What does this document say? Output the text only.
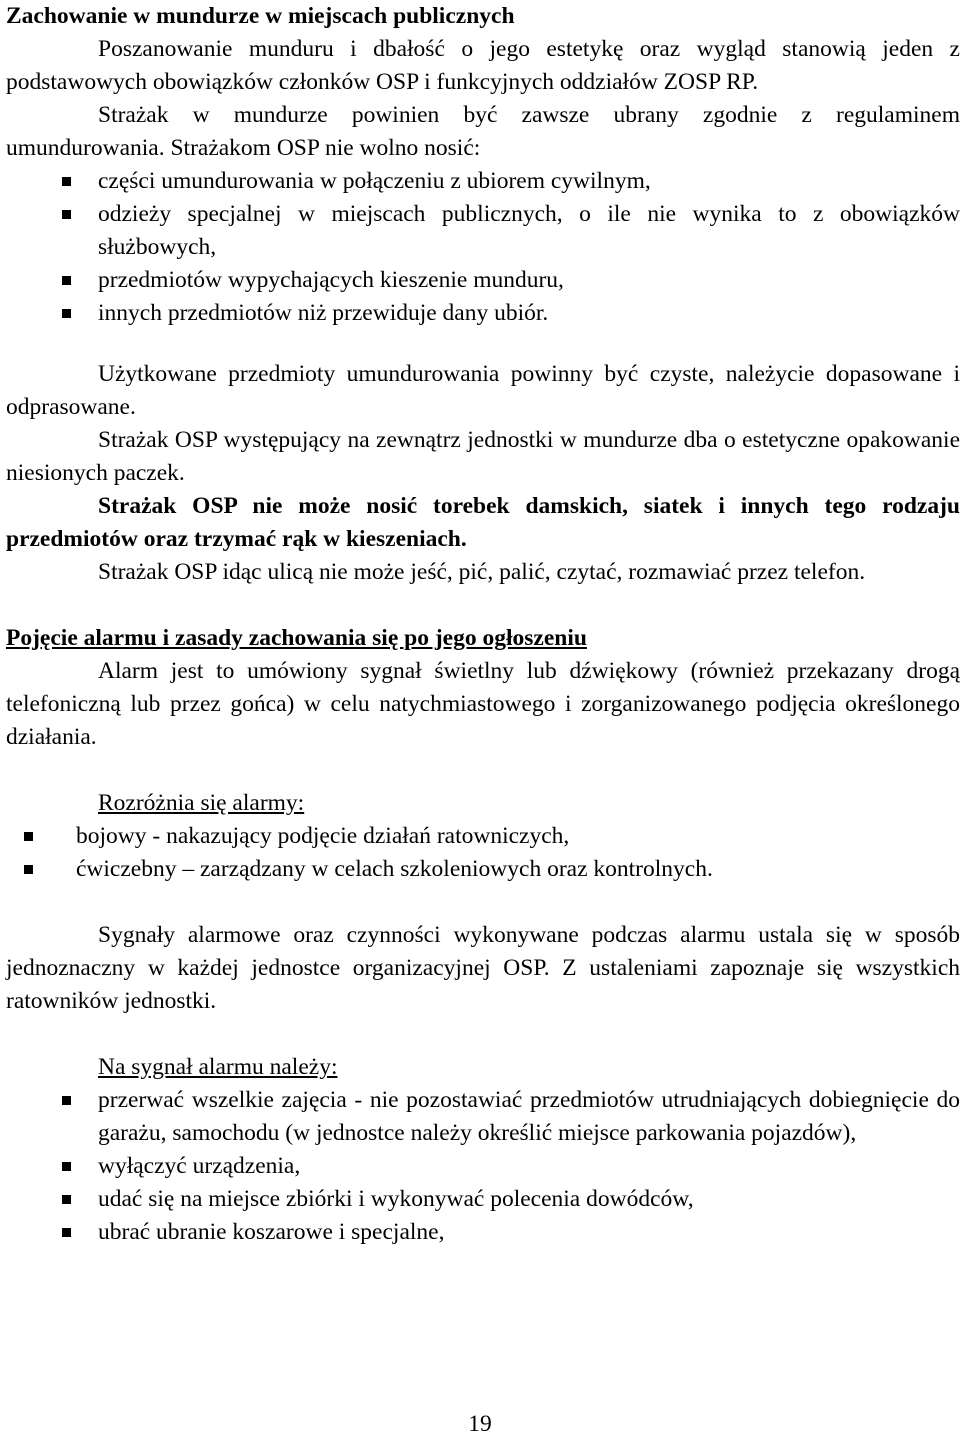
Zachowanie w mundurze w miejscach publicznych

Poszanowanie munduru i dbałość o jego estetykę oraz wygląd stanowią jeden z podstawowych obowiązków członków OSP i funkcyjnych oddziałów ZOSP RP.

Strażak w mundurze powinien być zawsze ubrany zgodnie z regulaminem umundurowania. Strażakom OSP nie wolno nosić:

części umundurowania w połączeniu z ubiorem cywilnym,
odzieży specjalnej w miejscach publicznych, o ile nie wynika to z obowiązków służbowych,
przedmiotów wypychających kieszenie munduru,
innych przedmiotów niż przewiduje dany ubiór.

Użytkowane przedmioty umundurowania powinny być czyste, należycie dopasowane i odprasowane.

Strażak OSP występujący na zewnątrz jednostki w mundurze dba o estetyczne opakowanie niesionych paczek.

Strażak OSP nie może nosić torebek damskich, siatek i innych tego rodzaju przedmiotów oraz trzymać rąk w kieszeniach.

Strażak OSP idąc ulicą nie może jeść, pić, palić, czytać, rozmawiać przez telefon.

Pojęcie alarmu i zasady zachowania się po jego ogłoszeniu

Alarm jest to umówiony sygnał świetlny lub dźwiękowy (również przekazany drogą telefoniczną lub przez gońca) w celu natychmiastowego i zorganizowanego podjęcia określonego działania.

Rozróżnia się alarmy:

bojowy - nakazujący podjęcie działań ratowniczych,
ćwiczebny – zarządzany w celach szkoleniowych oraz kontrolnych.

Sygnały alarmowe oraz czynności wykonywane podczas alarmu ustala się w sposób jednoznaczny w każdej jednostce organizacyjnej OSP. Z ustaleniami zapoznaje się wszystkich ratowników jednostki.

Na sygnał alarmu należy:

przerwać wszelkie zajęcia - nie pozostawiać przedmiotów utrudniających dobiegnięcie do garażu, samochodu (w jednostce należy określić miejsce parkowania pojazdów),
wyłączyć urządzenia,
udać się na miejsce zbiórki i wykonywać polecenia dowódców,
ubrać ubranie koszarowe i specjalne,
19
